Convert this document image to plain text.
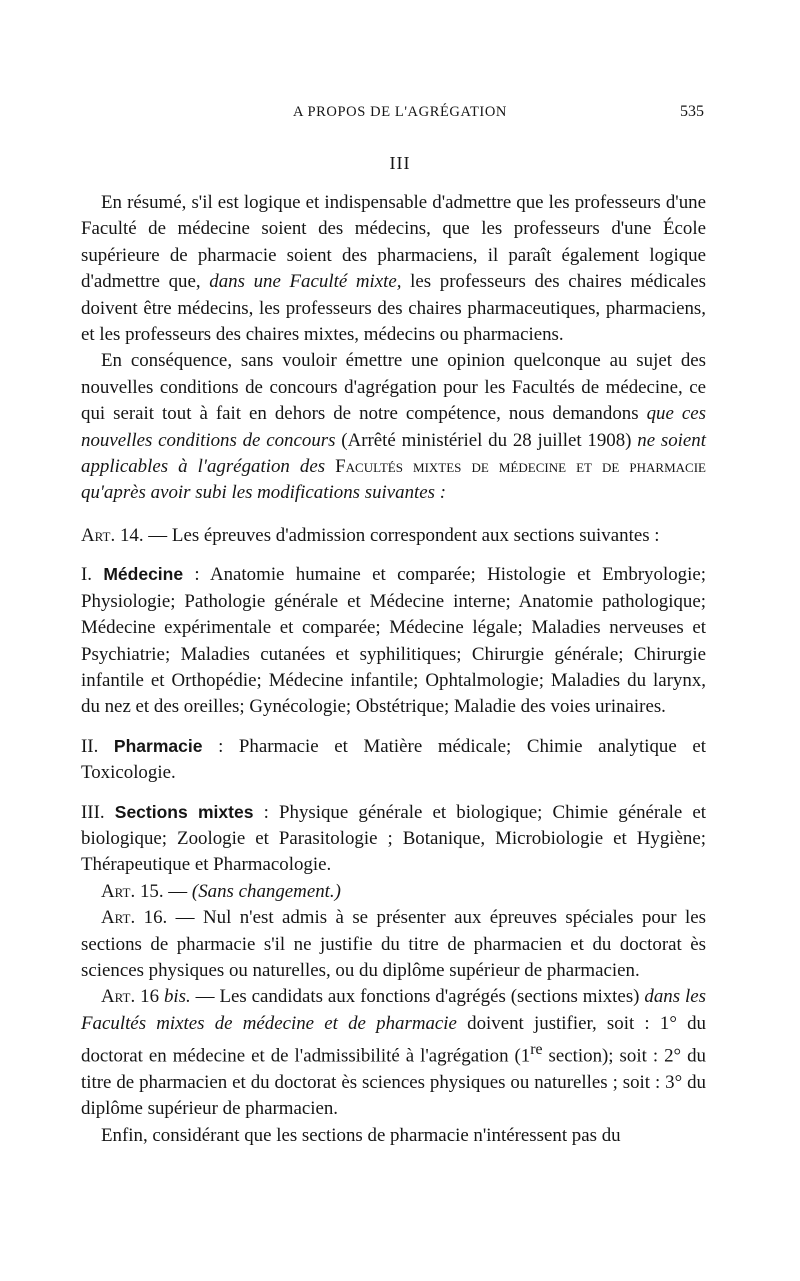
A PROPOS DE L'AGRÉGATION	535
III

En résumé, s'il est logique et indispensable d'admettre que les professeurs d'une Faculté de médecine soient des médecins, que les professeurs d'une École supérieure de pharmacie soient des pharmaciens, il paraît également logique d'admettre que, dans une Faculté mixte, les professeurs des chaires médicales doivent être médecins, les professeurs des chaires pharmaceutiques, pharmaciens, et les professeurs des chaires mixtes, médecins ou pharmaciens.

En conséquence, sans vouloir émettre une opinion quelconque au sujet des nouvelles conditions de concours d'agrégation pour les Facultés de médecine, ce qui serait tout à fait en dehors de notre compétence, nous demandons que ces nouvelles conditions de concours (Arrêté ministériel du 28 juillet 1908) ne soient applicables à l'agrégation des Facultés mixtes de médecine et de pharmacie qu'après avoir subi les modifications suivantes :

Art. 14. — Les épreuves d'admission correspondent aux sections suivantes :

I. Médecine : Anatomie humaine et comparée; Histologie et Embryologie; Physiologie; Pathologie générale et Médecine interne; Anatomie pathologique; Médecine expérimentale et comparée; Médecine légale; Maladies nerveuses et Psychiatrie; Maladies cutanées et syphilitiques; Chirurgie générale; Chirurgie infantile et Orthopédie; Médecine infantile; Ophtalmologie; Maladies du larynx, du nez et des oreilles; Gynécologie; Obstétrique; Maladie des voies urinaires.

II. Pharmacie : Pharmacie et Matière médicale; Chimie analytique et Toxicologie.

III. Sections mixtes : Physique générale et biologique; Chimie générale et biologique; Zoologie et Parasitologie ; Botanique, Microbiologie et Hygiène; Thérapeutique et Pharmacologie.

Art. 15. — (Sans changement.)

Art. 16. — Nul n'est admis à se présenter aux épreuves spéciales pour les sections de pharmacie s'il ne justifie du titre de pharmacien et du doctorat ès sciences physiques ou naturelles, ou du diplôme supérieur de pharmacien.

Art. 16 bis. — Les candidats aux fonctions d'agrégés (sections mixtes) dans les Facultés mixtes de médecine et de pharmacie doivent justifier, soit : 1° du doctorat en médecine et de l'admissibilité à l'agrégation (1re section); soit : 2° du titre de pharmacien et du doctorat ès sciences physiques ou naturelles ; soit : 3° du diplôme supérieur de pharmacien.

Enfin, considérant que les sections de pharmacie n'intéressent pas du
